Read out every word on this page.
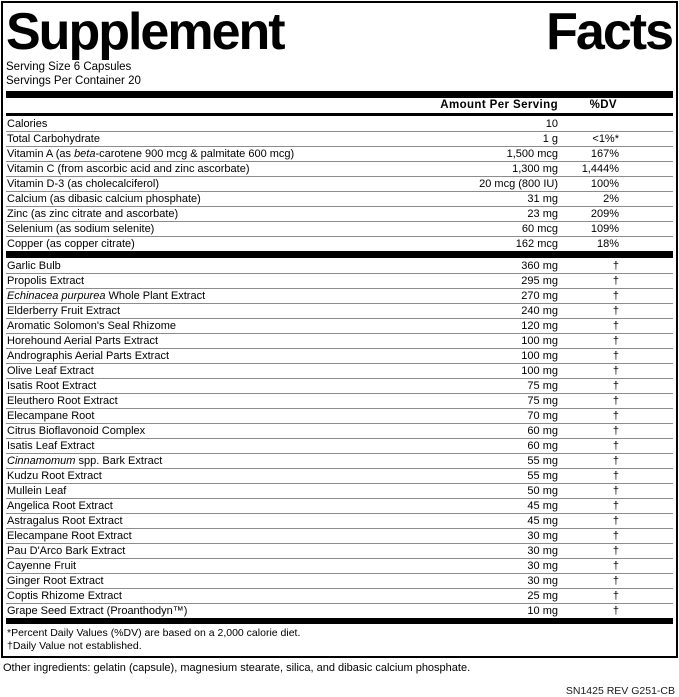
Supplement	Facts

Serving Size 6 Capsules

Servings Per Container 20

Amount Per Serving	%DV
Calories	10
Total Carbohydrate	1 g	<1%*
Vitamin A (as beta-carotene 900 mcg & palmitate 600 mcg)	1,500 mcg	167%
Vitamin C (from ascorbic acid and zinc ascorbate)	1,300 mg	1,444%
Vitamin D-3 (as cholecalciferol)	20 mcg (800 IU)	100%
Calcium (as dibasic calcium phosphate)	31 mg	2%
Zinc (as zinc citrate and ascorbate)	23 mg	209%
Selenium (as sodium selenite)	60 mcg	109%
Copper (as copper citrate)	162 mcg	18%
Garlic Bulb	360 mg	†
Propolis Extract	295 mg	†
Echinacea purpurea Whole Plant Extract	270 mg	†
Elderberry Fruit Extract	240 mg	†
Aromatic Solomon's Seal Rhizome	120 mg	†
Horehound Aerial Parts Extract	100 mg	†
Andrographis Aerial Parts Extract	100 mg	†
Olive Leaf Extract	100 mg	†
Isatis Root Extract	75 mg	†
Eleuthero Root Extract	75 mg	†
Elecampane Root	70 mg	†
Citrus Bioflavonoid Complex	60 mg	†
Isatis Leaf Extract	60 mg	†
Cinnamomum spp. Bark Extract	55 mg	†
Kudzu Root Extract	55 mg	†
Mullein Leaf	50 mg	†
Angelica Root Extract	45 mg	†
Astragalus Root Extract	45 mg	†
Elecampane Root Extract	30 mg	†
Pau D'Arco Bark Extract	30 mg	†
Cayenne Fruit	30 mg	†
Ginger Root Extract	30 mg	†
Coptis Rhizome Extract	25 mg	†
Grape Seed Extract (Proanthodyn™)	10 mg	†

*Percent Daily Values (%DV) are based on a 2,000 calorie diet.

†Daily Value not established.

Other ingredients: gelatin (capsule), magnesium stearate, silica, and dibasic calcium phosphate.

SN1425 REV G251-CB
